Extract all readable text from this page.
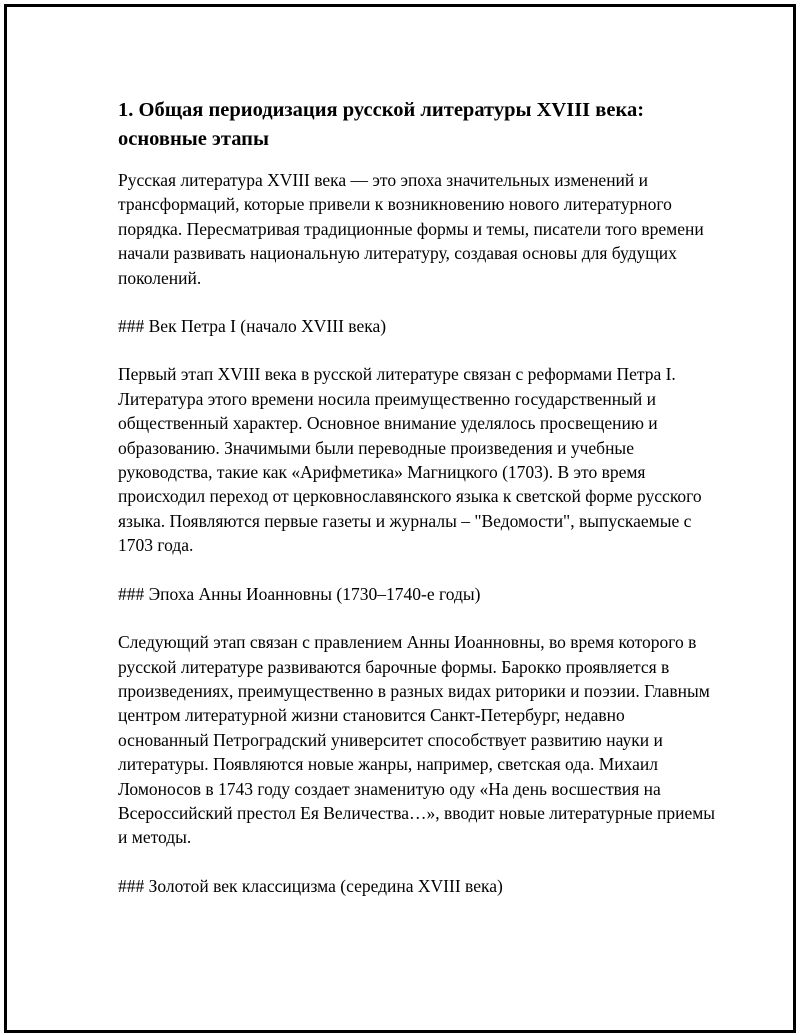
1. Общая периодизация русской литературы XVIII века: основные этапы

Русская литература XVIII века — это эпоха значительных изменений и трансформаций, которые привели к возникновению нового литературного порядка. Пересматривая традиционные формы и темы, писатели того времени начали развивать национальную литературу, создавая основы для будущих поколений.

### Век Петра I (начало XVIII века)

Первый этап XVIII века в русской литературе связан с реформами Петра I. Литература этого времени носила преимущественно государственный и общественный характер. Основное внимание уделялось просвещению и образованию. Значимыми были переводные произведения и учебные руководства, такие как «Арифметика» Магницкого (1703). В это время происходил переход от церковнославянского языка к светской форме русского языка. Появляются первые газеты и журналы – "Ведомости", выпускаемые с 1703 года.

### Эпоха Анны Иоанновны (1730–1740-е годы)

Следующий этап связан с правлением Анны Иоанновны, во время которого в русской литературе развиваются барочные формы. Барокко проявляется в произведениях, преимущественно в разных видах риторики и поэзии. Главным центром литературной жизни становится Санкт-Петербург, недавно основанный Петроградский университет способствует развитию науки и литературы. Появляются новые жанры, например, светская ода. Михаил Ломоносов в 1743 году создает знаменитую оду «На день восшествия на Всероссийский престол Ея Величества…», вводит новые литературные приемы и методы.

### Золотой век классицизма (середина XVIII века)
